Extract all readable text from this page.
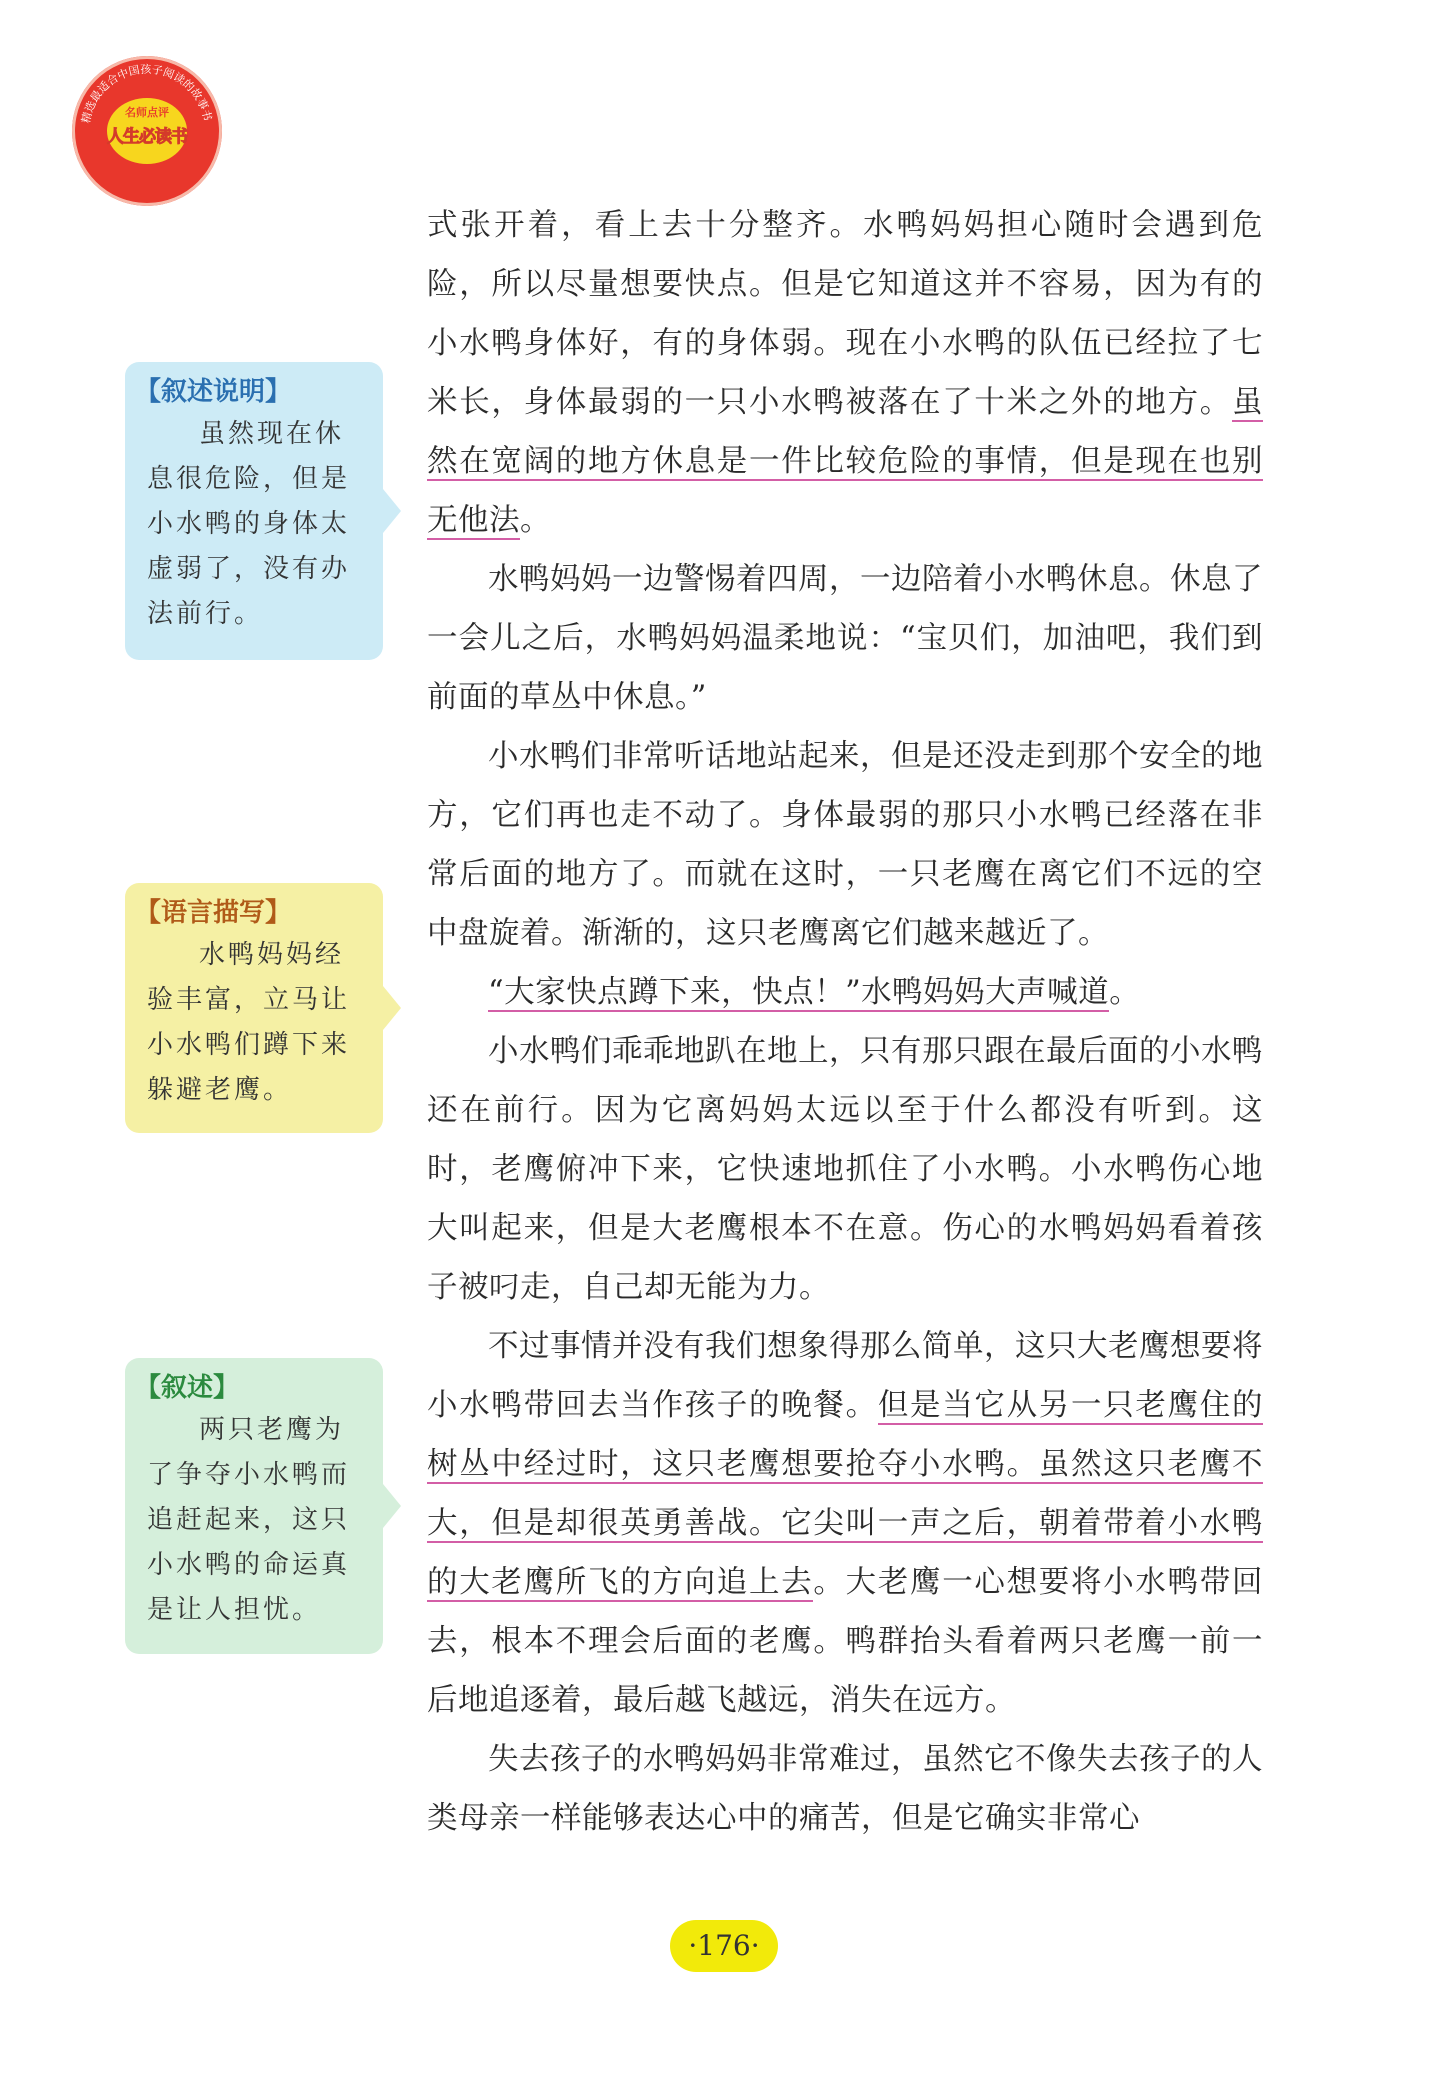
精选最适合中国孩子阅读的故事书
名师点评
人生必读书
【叙述说明】
虽然现在休息很危险，但是小水鸭的身体太虚弱了，没有办法前行。
【语言描写】
水鸭妈妈经验丰富，立马让小水鸭们蹲下来躲避老鹰。
【叙述】
两只老鹰为了争夺小水鸭而追赶起来，这只小水鸭的命运真是让人担忧。

式张开着，看上去十分整齐。水鸭妈妈担心随时会遇到危险，所以尽量想要快点。但是它知道这并不容易，因为有的小水鸭身体好，有的身体弱。现在小水鸭的队伍已经拉了七米长，身体最弱的一只小水鸭被落在了十米之外的地方。虽然在宽阔的地方休息是一件比较危险的事情，但是现在也别无他法。

水鸭妈妈一边警惕着四周，一边陪着小水鸭休息。休息了一会儿之后，水鸭妈妈温柔地说：“宝贝们，加油吧，我们到前面的草丛中休息。”

小水鸭们非常听话地站起来，但是还没走到那个安全的地方，它们再也走不动了。身体最弱的那只小水鸭已经落在非常后面的地方了。而就在这时，一只老鹰在离它们不远的空中盘旋着。渐渐的，这只老鹰离它们越来越近了。

“大家快点蹲下来，快点！”水鸭妈妈大声喊道。

小水鸭们乖乖地趴在地上，只有那只跟在最后面的小水鸭还在前行。因为它离妈妈太远以至于什么都没有听到。这时，老鹰俯冲下来，它快速地抓住了小水鸭。小水鸭伤心地大叫起来，但是大老鹰根本不在意。伤心的水鸭妈妈看着孩子被叼走，自己却无能为力。

不过事情并没有我们想象得那么简单，这只大老鹰想要将小水鸭带回去当作孩子的晚餐。但是当它从另一只老鹰住的树丛中经过时，这只老鹰想要抢夺小水鸭。虽然这只老鹰不大，但是却很英勇善战。它尖叫一声之后，朝着带着小水鸭的大老鹰所飞的方向追上去。大老鹰一心想要将小水鸭带回去，根本不理会后面的老鹰。鸭群抬头看着两只老鹰一前一后地追逐着，最后越飞越远，消失在远方。

失去孩子的水鸭妈妈非常难过，虽然它不像失去孩子的人类母亲一样能够表达心中的痛苦，但是它确实非常心

·176·
